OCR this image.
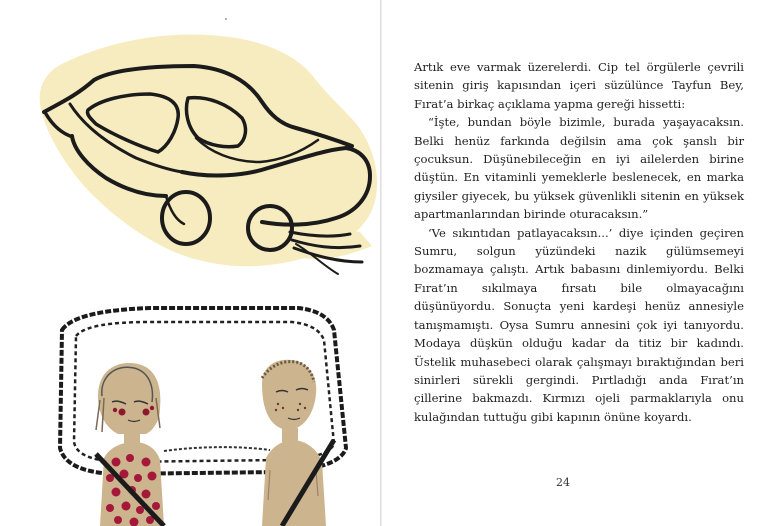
Artık eve varmak üzerelerdi. Cip tel örgülerle çevrili sitenin giriş kapısından içeri süzülünce Tayfun Bey, Fırat’a birkaç açıklama yapma gereği hissetti:

“İşte, bundan böyle bizimle, burada yaşayacaksın. Belki henüz farkında değilsin ama çok şanslı bir çocuksun. Düşünebileceğin en iyi ailelerden birine düştün. En vitaminli yemeklerle beslenecek, en marka giysiler giyecek, bu yüksek güvenlikli sitenin en yüksek apartmanlarından birinde oturacaksın.”

‘Ve sıkıntıdan patlayacaksın...’ diye içinden geçiren Sumru, solgun yüzündeki nazik gülümsemeyi bozmamaya çalıştı. Artık babasını dinlemiyordu. Belki Fırat’ın sıkılmaya fırsatı bile olmayacağını düşünüyordu. Sonuçta yeni kardeşi henüz annesiyle tanışmamıştı. Oysa Sumru annesini çok iyi tanıyordu. Modaya düşkün olduğu kadar da titiz bir kadındı. Üstelik muhasebeci olarak çalışmayı bıraktığından beri sinirleri sürekli gergindi. Pırtladığı anda Fırat’ın çillerine bakmazdı. Kırmızı ojeli parmaklarıyla onu kulağından tuttuğu gibi kapının önüne koyardı.

24
